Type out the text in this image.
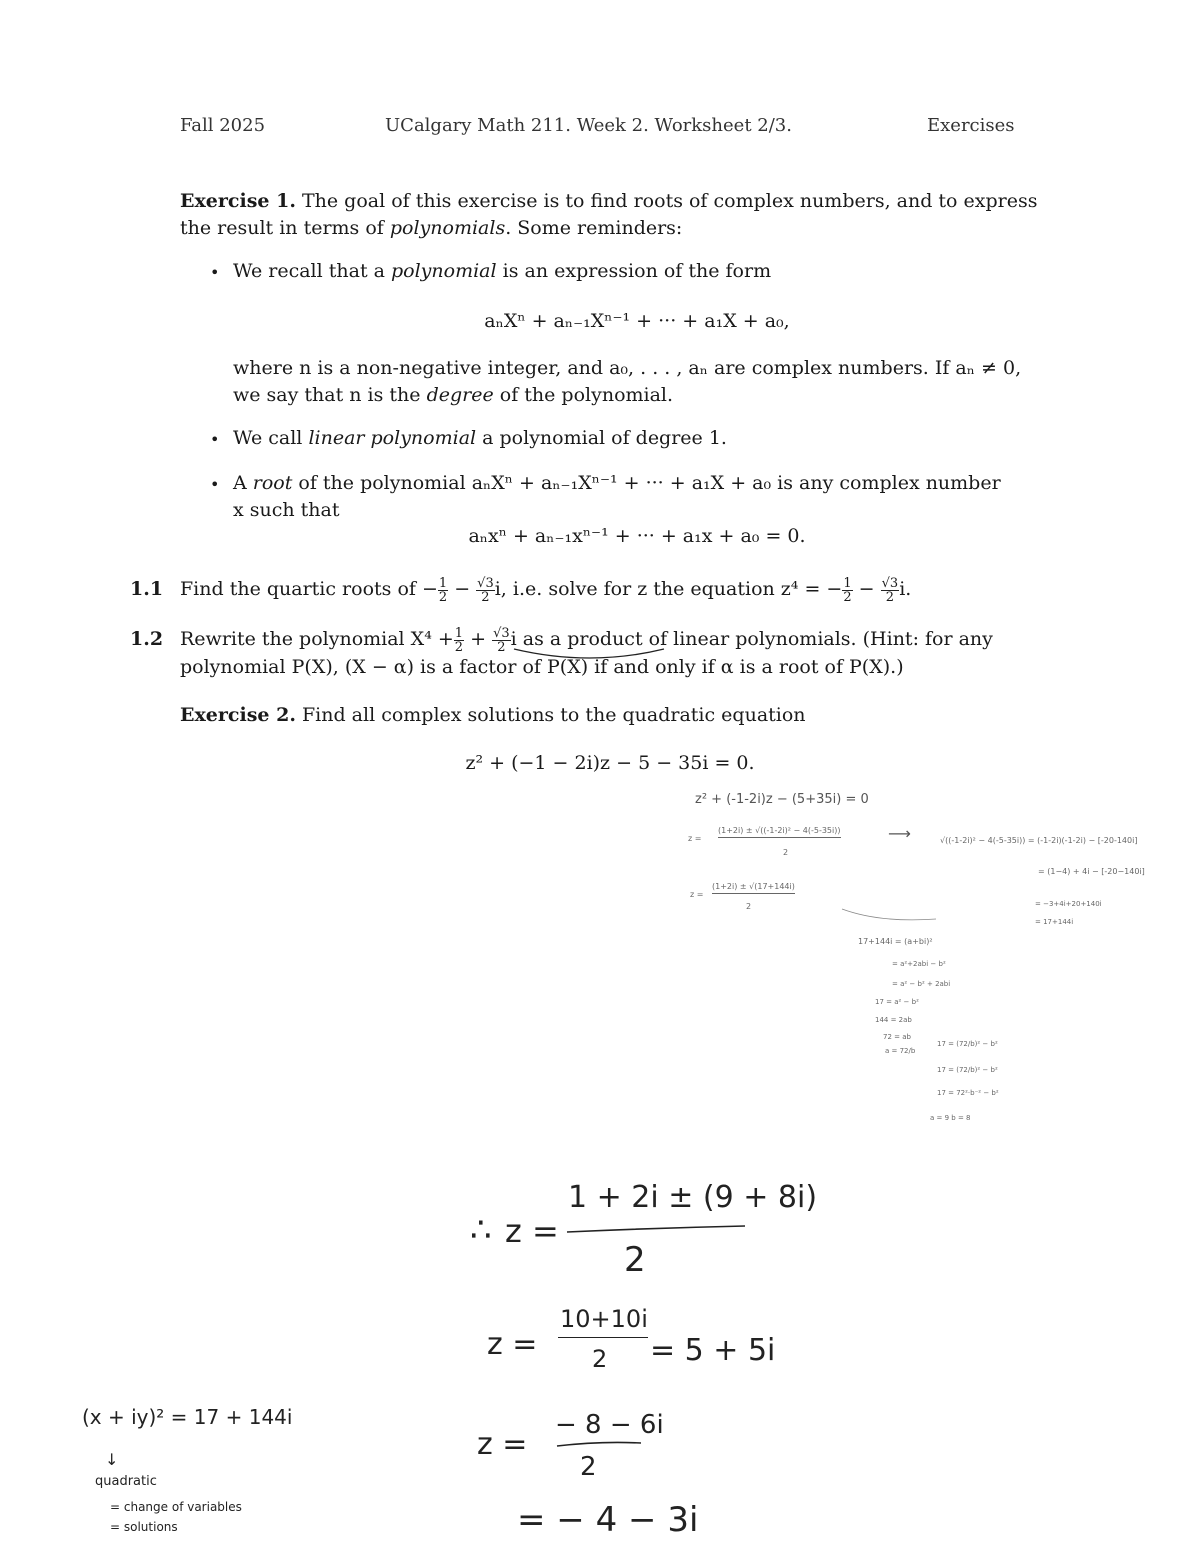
Fall 2025	UCalgary Math 211. Week 2. Worksheet 2/3.	Exercises
Exercise 1. The goal of this exercise is to find roots of complex numbers, and to express
the result in terms of polynomials. Some reminders:
• We recall that a polynomial is an expression of the form
aₙXⁿ + aₙ₋₁Xⁿ⁻¹ + ··· + a₁X + a₀,
where n is a non-negative integer, and a₀, . . . , aₙ are complex numbers. If aₙ ≠ 0,
we say that n is the degree of the polynomial.
• We call linear polynomial a polynomial of degree 1.
• A root of the polynomial aₙXⁿ + aₙ₋₁Xⁿ⁻¹ + ··· + a₁X + a₀ is any complex number
x such that
aₙxⁿ + aₙ₋₁xⁿ⁻¹ + ··· + a₁x + a₀ = 0.
1.1 Find the quartic roots of − $\frac{1}{2} - \frac{√3}{2} i$, i.e. solve for z the equation z⁴ = − $\frac{1}{2} - \frac{√3}{2} i$.
1.2 Rewrite the polynomial $X^4 + \frac{1}{2} + \frac{√3}{2}$ i as a product of linear polynomials. (Hint: for any
polynomial P(X), (X − α) is a factor of P(X) if and only if α is a root of P(X).)
Exercise 2. Find all complex solutions to the quadratic equation
z² + (−1 − 2i)z − 5 − 35i = 0.
z² + (-1-2i)z − (5+35i) = 0
z =
(1+2i) ± √((-1-2i)² − 4(-5-35i))
2
⟶	√((-1-2i)² − 4(-5-35i)) = (-1-2i)(-1-2i) − [-20-140i]
= (1−4) + 4i − [-20−140i]
= −3+4i+20+140i
= 17+144i
z =
(1+2i) ± √(17+144i)
2
17+144i = (a+bi)²
= a²+2abi − b²
= a² − b² + 2abi
17 = a² − b²
144 = 2ab
72 = ab
a = 72/b
17 = (72/b)² − b²
17 = (72/b)² − b²
17 = 72²·b⁻² − b²
a = 9 b = 8
∴ z =
1 + 2i ± (9 + 8i)
2
z =
10+10i
2 = 5 + 5i
z =
− 8 − 6i
2
= − 4 − 3i
(x + iy)² = 17 + 144i
↓
quadratic
= change of variables
= solutions
